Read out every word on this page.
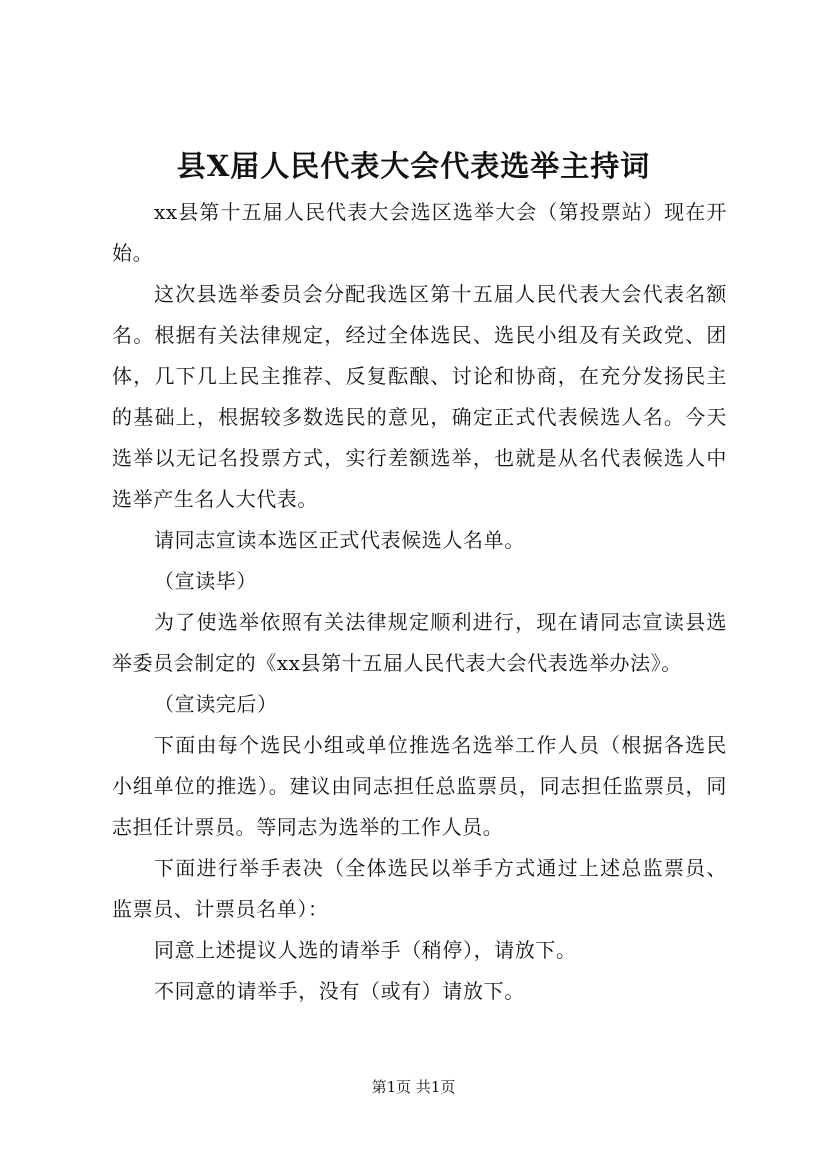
县X届人民代表大会代表选举主持词

xx县第十五届人民代表大会选区选举大会（第投票站）现在开始。

这次县选举委员会分配我选区第十五届人民代表大会代表名额名。根据有关法律规定，经过全体选民、选民小组及有关政党、团体，几下几上民主推荐、反复酝酿、讨论和协商，在充分发扬民主的基础上，根据较多数选民的意见，确定正式代表候选人名。今天选举以无记名投票方式，实行差额选举，也就是从名代表候选人中选举产生名人大代表。

请同志宣读本选区正式代表候选人名单。

（宣读毕）

为了使选举依照有关法律规定顺利进行，现在请同志宣读县选举委员会制定的《xx县第十五届人民代表大会代表选举办法》。

（宣读完后）

下面由每个选民小组或单位推选名选举工作人员（根据各选民小组单位的推选）。建议由同志担任总监票员，同志担任监票员，同志担任计票员。等同志为选举的工作人员。

下面进行举手表决（全体选民以举手方式通过上述总监票员、监票员、计票员名单）：

同意上述提议人选的请举手（稍停），请放下。

不同意的请举手，没有（或有）请放下。

第1页 共1页
